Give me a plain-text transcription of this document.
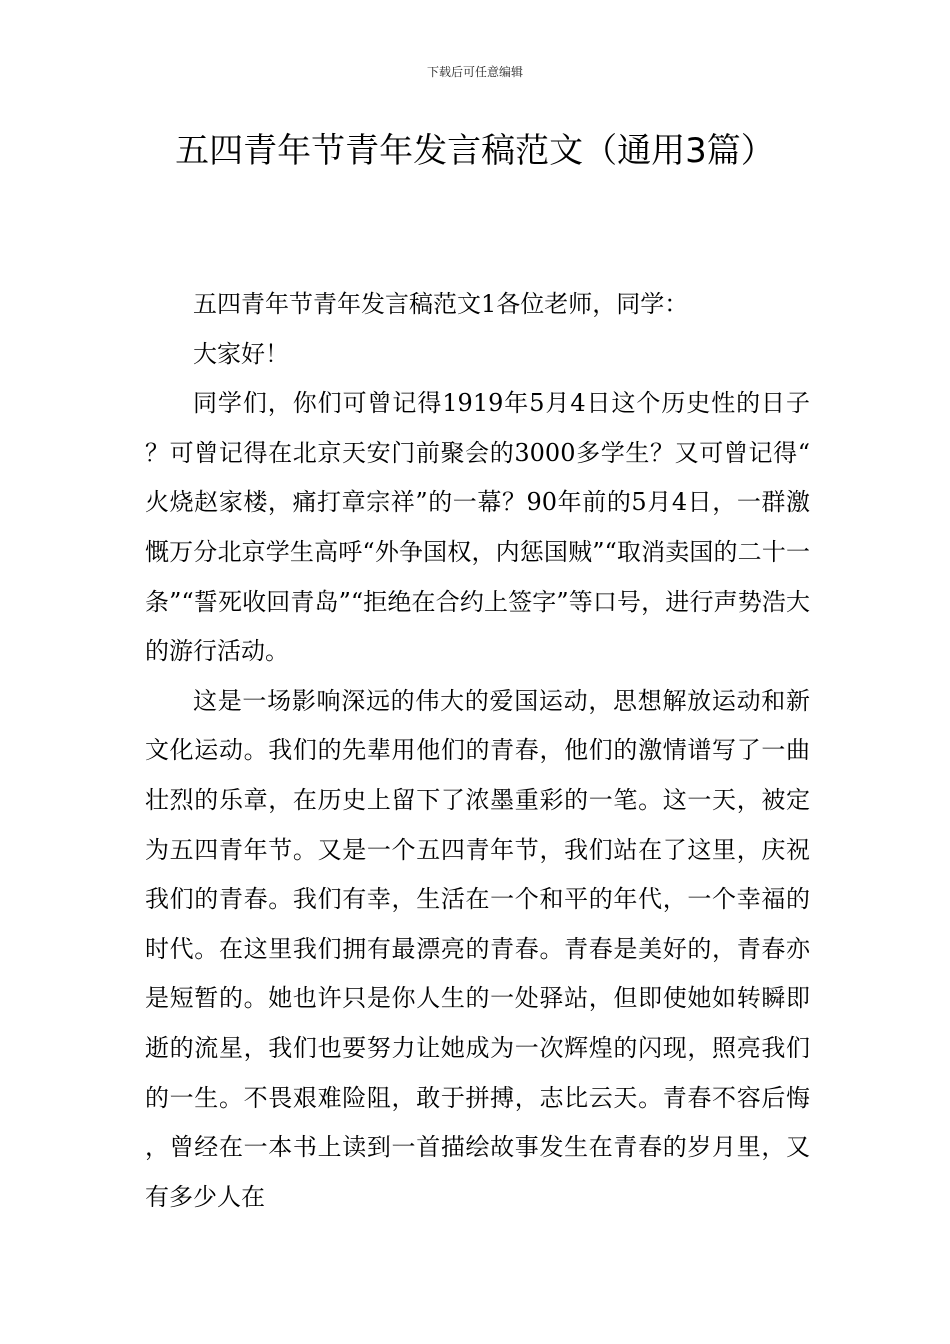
下载后可任意编辑
五四青年节青年发言稿范文（通用3篇）

五四青年节青年发言稿范文1各位老师，同学：

大家好！

同学们，你们可曾记得1919年5月4日这个历史性的日子？可曾记得在北京天安门前聚会的3000多学生？又可曾记得“火烧赵家楼，痛打章宗祥”的一幕？90年前的5月4日，一群激慨万分北京学生高呼“外争国权，内惩国贼”“取消卖国的二十一条”“誓死收回青岛”“拒绝在合约上签字”等口号，进行声势浩大的游行活动。

这是一场影响深远的伟大的爱国运动，思想解放运动和新文化运动。我们的先辈用他们的青春，他们的激情谱写了一曲壮烈的乐章，在历史上留下了浓墨重彩的一笔。这一天，被定为五四青年节。又是一个五四青年节，我们站在了这里，庆祝我们的青春。我们有幸，生活在一个和平的年代，一个幸福的时代。在这里我们拥有最漂亮的青春。青春是美好的，青春亦是短暂的。她也许只是你人生的一处驿站，但即使她如转瞬即逝的流星，我们也要努力让她成为一次辉煌的闪现，照亮我们的一生。不畏艰难险阻，敢于拼搏，志比云天。青春不容后悔，曾经在一本书上读到一首描绘故事发生在青春的岁月里，又有多少人在
